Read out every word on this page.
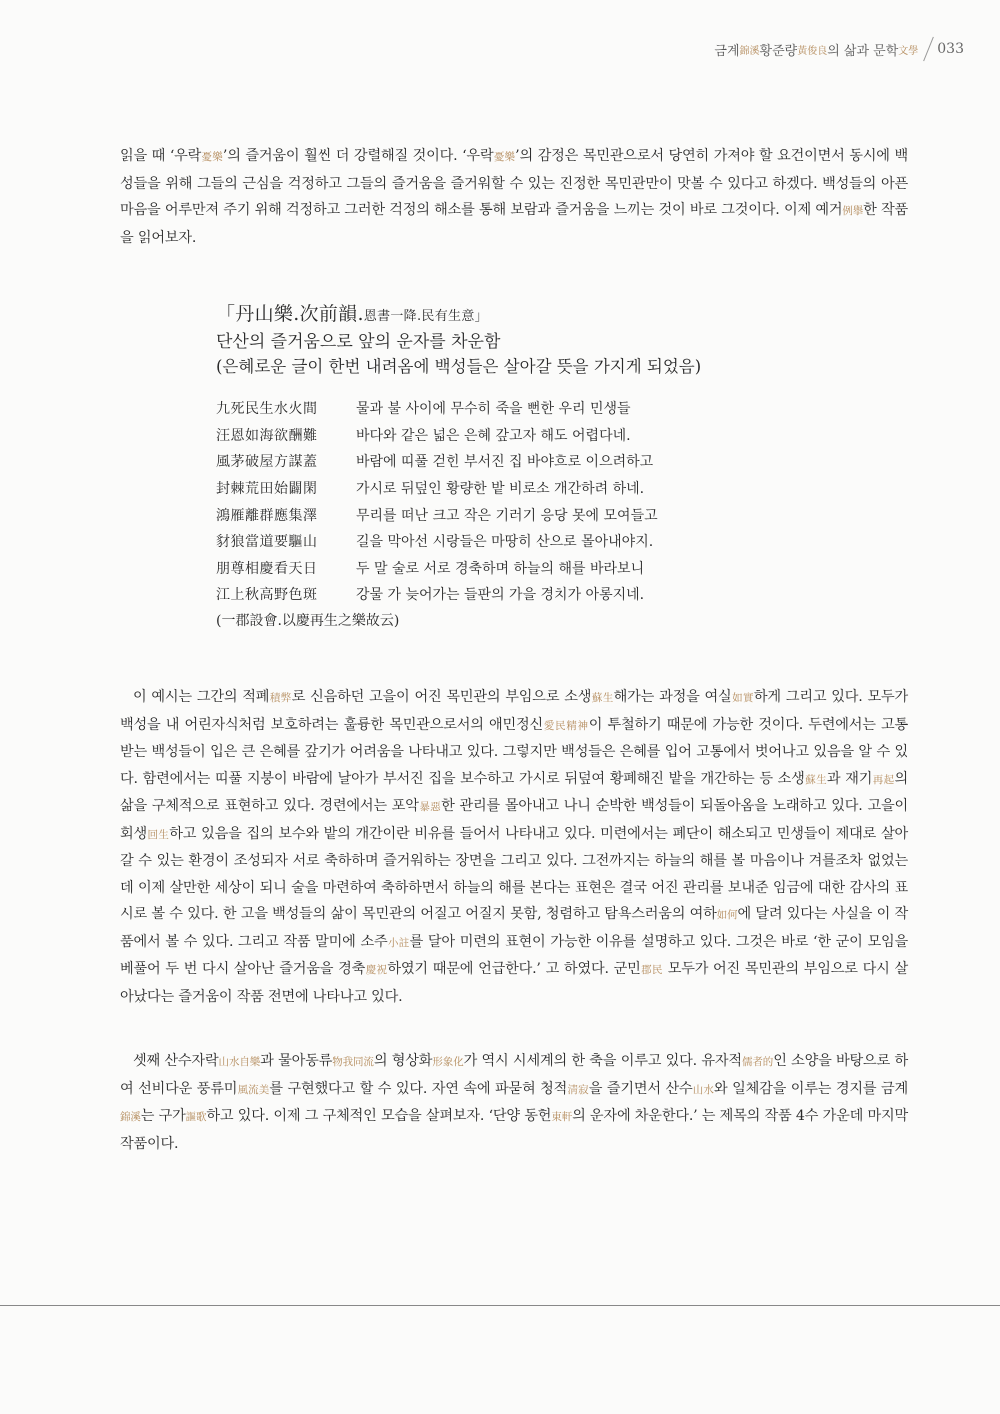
금계 錦溪 황준량 黃俊良 의 삶과 문학 文學 033

읽을 때 ‘우락憂樂’의 즐거움이 훨씬 더 강렬해질 것이다. ‘우락憂樂’의 감정은 목민관으로서 당연히 가져야 할 요건이면서 동시에 백성들을 위해 그들의 근심을 걱정하고 그들의 즐거움을 즐거워할 수 있는 진정한 목민관만이 맛볼 수 있다고 하겠다. 백성들의 아픈 마음을 어루만져 주기 위해 걱정하고 그러한 걱정의 해소를 통해 보람과 즐거움을 느끼는 것이 바로 그것이다. 이제 예거例擧한 작품을 읽어보자.

「丹山樂.次前韻.恩書一降.民有生意」

단산의 즐거움으로 앞의 운자를 차운함

(은혜로운 글이 한번 내려옴에 백성들은 살아갈 뜻을 가지게 되었음)

九死民生水火間	물과 불 사이에 무수히 죽을 뻔한 우리 민생들
汪恩如海欲酬難	바다와 같은 넓은 은혜 갚고자 해도 어렵다네.
風茅破屋方謀蓋	바람에 띠풀 걷힌 부서진 집 바야흐로 이으려하고
封棘荒田始闢閑	가시로 뒤덮인 황량한 밭 비로소 개간하려 하네.
鴻雁離群應集澤	무리를 떠난 크고 작은 기러기 응당 못에 모여들고
豺狼當道要驅山	길을 막아선 시랑들은 마땅히 산으로 몰아내야지.
朋尊相慶看天日	두 말 술로 서로 경축하며 하늘의 해를 바라보니
江上秋高野色斑	강물 가 늦어가는 들판의 가을 경치가 아롱지네.
(一郡設會.以慶再生之樂故云)

이 예시는 그간의 적폐積弊로 신음하던 고을이 어진 목민관의 부임으로 소생蘇生해가는 과정을 여실如實하게 그리고 있다. 모두가 백성을 내 어린자식처럼 보호하려는 훌륭한 목민관으로서의 애민정신愛民精神이 투철하기 때문에 가능한 것이다. 두련에서는 고통 받는 백성들이 입은 큰 은혜를 갚기가 어려움을 나타내고 있다. 그렇지만 백성들은 은혜를 입어 고통에서 벗어나고 있음을 알 수 있다. 함련에서는 띠풀 지붕이 바람에 날아가 부서진 집을 보수하고 가시로 뒤덮여 황폐해진 밭을 개간하는 등 소생蘇生과 재기再起의 삶을 구체적으로 표현하고 있다. 경련에서는 포악暴惡한 관리를 몰아내고 나니 순박한 백성들이 되돌아옴을 노래하고 있다. 고을이 회생回生하고 있음을 집의 보수와 밭의 개간이란 비유를 들어서 나타내고 있다. 미련에서는 폐단이 해소되고 민생들이 제대로 살아갈 수 있는 환경이 조성되자 서로 축하하며 즐거워하는 장면을 그리고 있다. 그전까지는 하늘의 해를 볼 마음이나 겨를조차 없었는데 이제 살만한 세상이 되니 술을 마련하여 축하하면서 하늘의 해를 본다는 표현은 결국 어진 관리를 보내준 임금에 대한 감사의 표시로 볼 수 있다. 한 고을 백성들의 삶이 목민관의 어질고 어질지 못함, 청렴하고 탐욕스러움의 여하如何에 달려 있다는 사실을 이 작품에서 볼 수 있다. 그리고 작품 말미에 소주小註를 달아 미련의 표현이 가능한 이유를 설명하고 있다. 그것은 바로 ‘한 군이 모임을 베풀어 두 번 다시 살아난 즐거움을 경축慶祝하였기 때문에 언급한다.’ 고 하였다. 군민郡民 모두가 어진 목민관의 부임으로 다시 살아났다는 즐거움이 작품 전면에 나타나고 있다.

셋째 산수자락山水自樂과 물아동류物我同流의 형상화形象化가 역시 시세계의 한 축을 이루고 있다. 유자적儒者的인 소양을 바탕으로 하여 선비다운 풍류미風流美를 구현했다고 할 수 있다. 자연 속에 파묻혀 청적淸寂을 즐기면서 산수山水와 일체감을 이루는 경지를 금계錦溪는 구가謳歌하고 있다. 이제 그 구체적인 모습을 살펴보자. ‘단양 동헌東軒의 운자에 차운한다.’ 는 제목의 작품 4수 가운데 마지막 작품이다.
